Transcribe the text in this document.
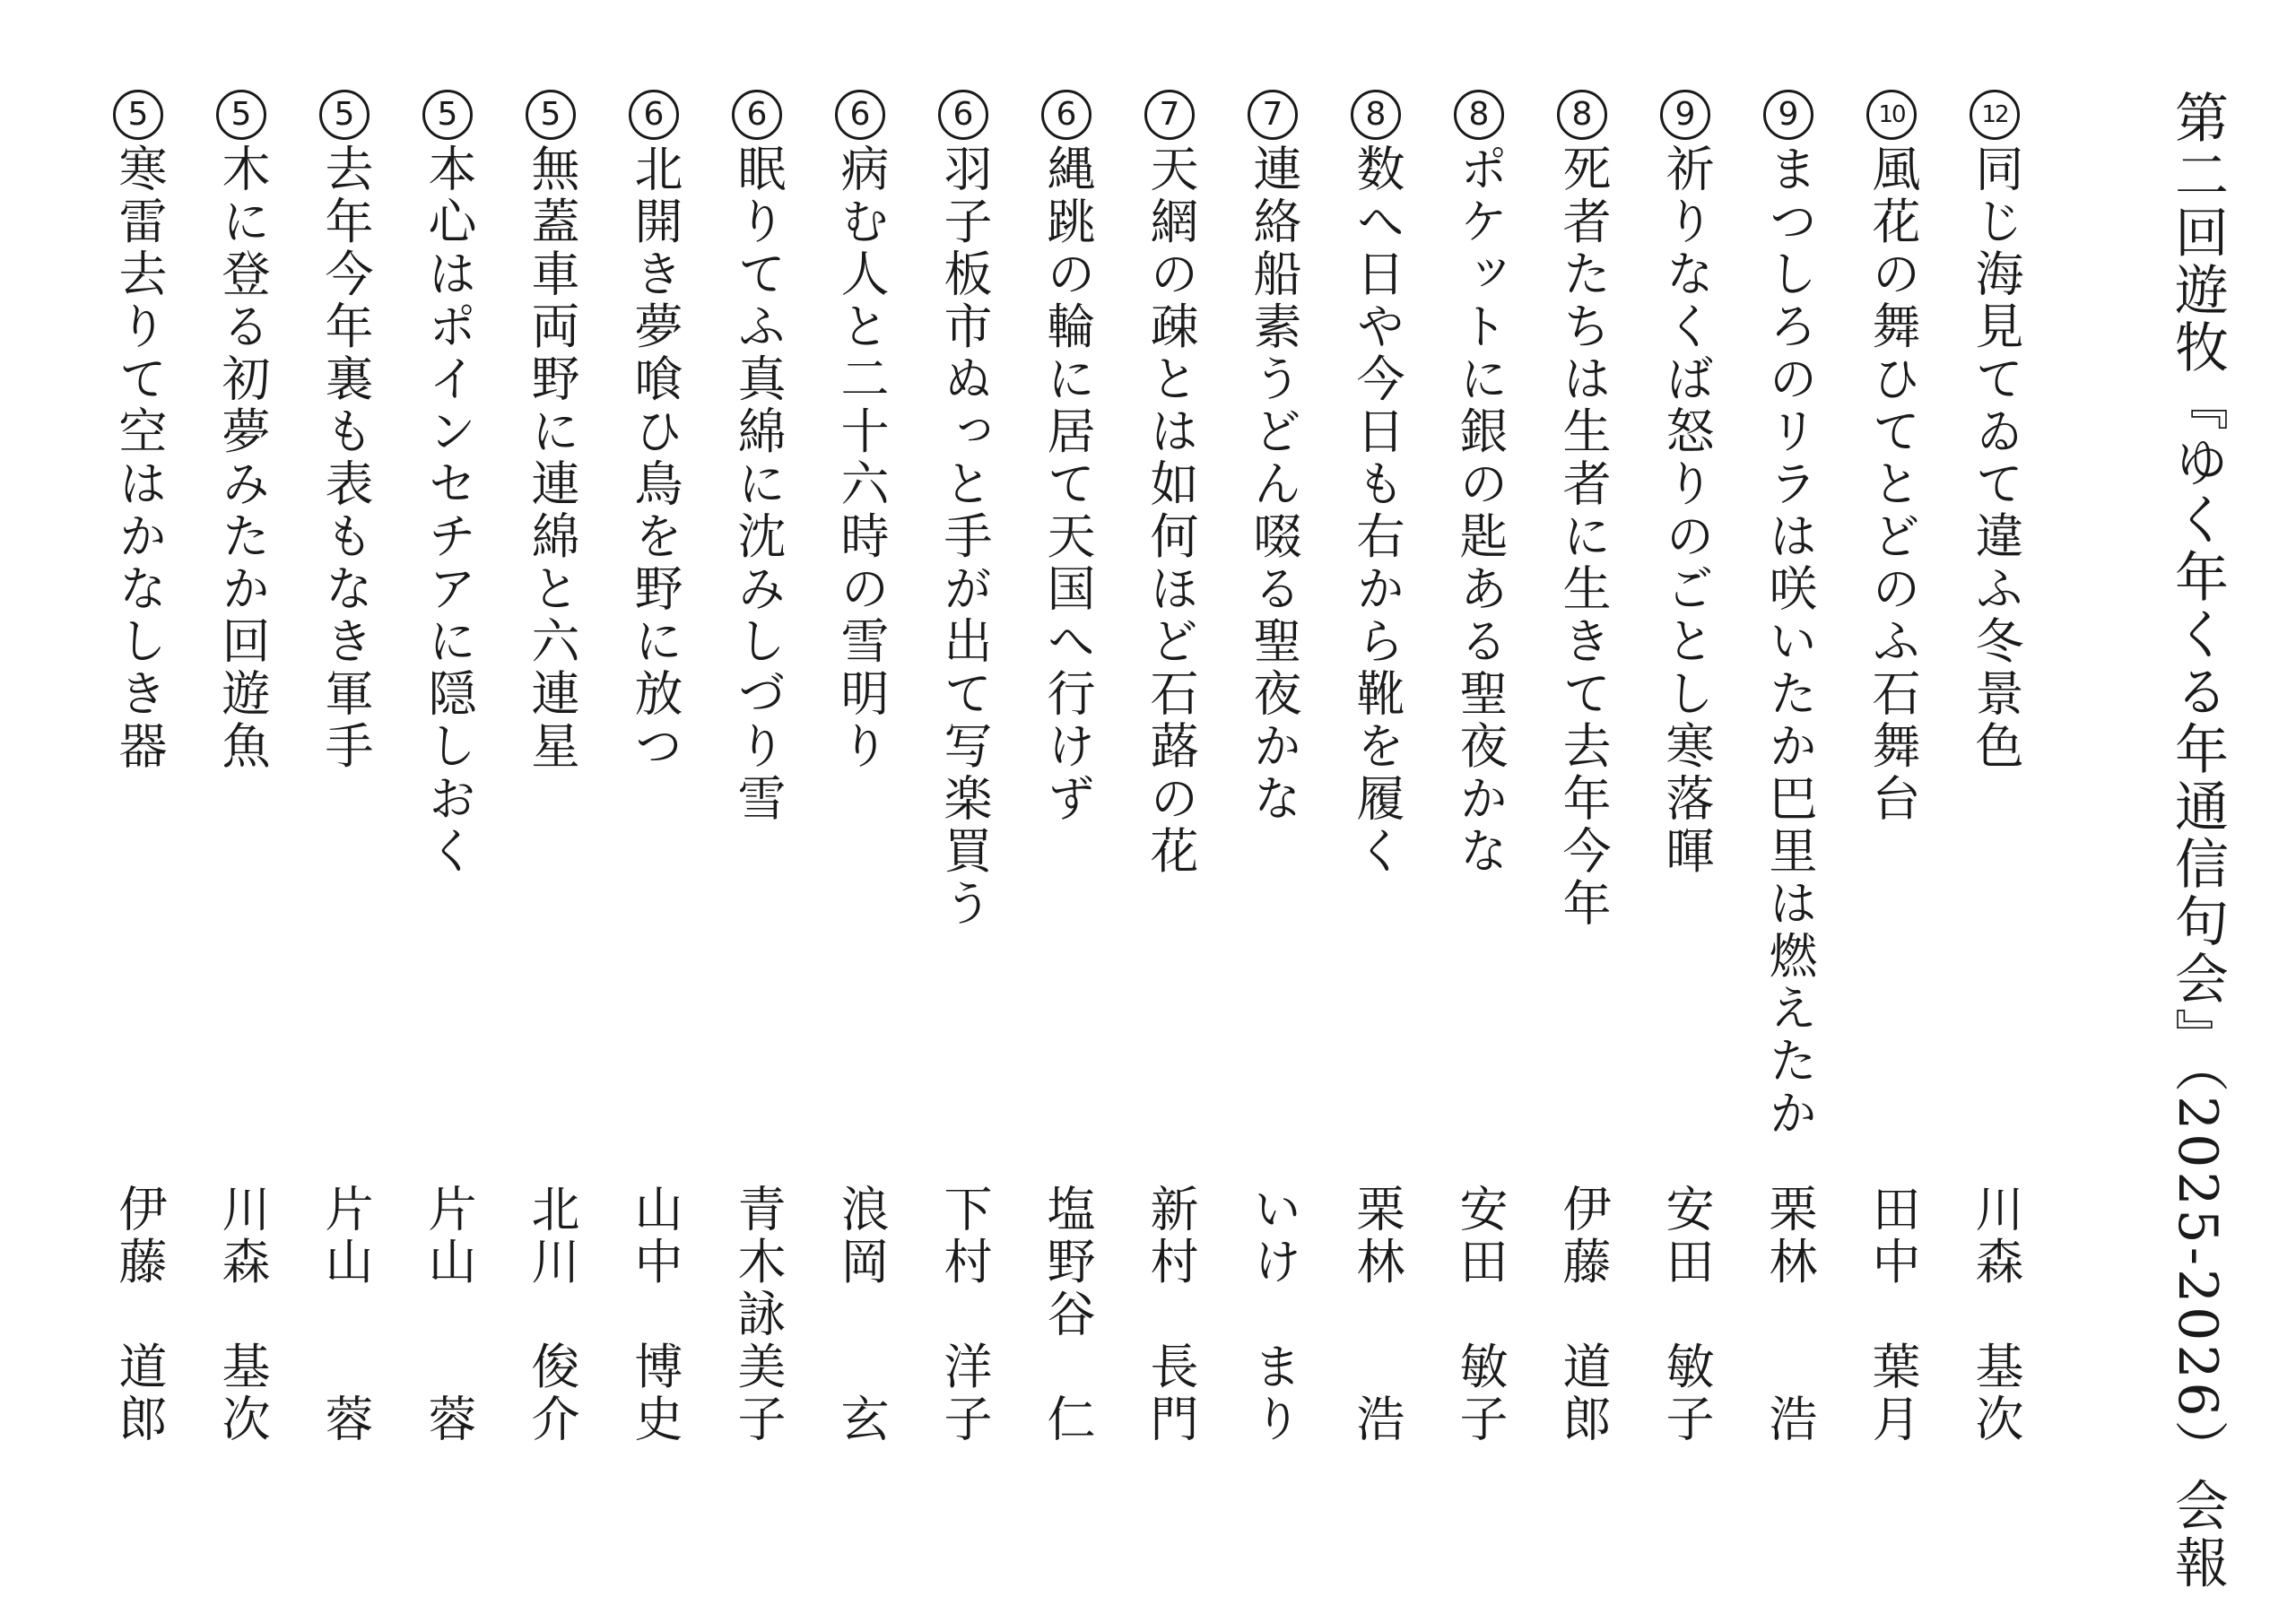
第二回遊牧『ゆく年くる年通信句会』（2025-2026）会報
12
同じ海見てゐて違ふ冬景色
川森　基次
10
風花の舞ひてとどのふ石舞台
田中　葉月
9
まつしろのリラは咲いたか巴里は燃えたか
栗林　　浩
9
祈りなくば怒りのごとし寒落暉
安田　敏子
8
死者たちは生者に生きて去年今年
伊藤　道郎
8
ポケットに銀の匙ある聖夜かな
安田　敏子
8
数へ日や今日も右から靴を履く
栗林　　浩
7
連絡船素うどん啜る聖夜かな
いけ　まり
7
天網の疎とは如何ほど石蕗の花
新村　長門
6
縄跳の輪に居て天国へ行けず
塩野谷　仁
6
羽子板市ぬっと手が出て写楽買う
下村　洋子
6
病む人と二十六時の雪明り
浪岡　　玄
6
眠りてふ真綿に沈みしづり雪
青木詠美子
6
北開き夢喰ひ鳥を野に放つ
山中　博史
5
無蓋車両野に連綿と六連星
北川　俊介
5
本心はポインセチアに隠しおく
片山　　蓉
5
去年今年裏も表もなき軍手
片山　　蓉
5
木に登る初夢みたか回遊魚
川森　基次
5
寒雷去りて空はかなしき器
伊藤　道郎
